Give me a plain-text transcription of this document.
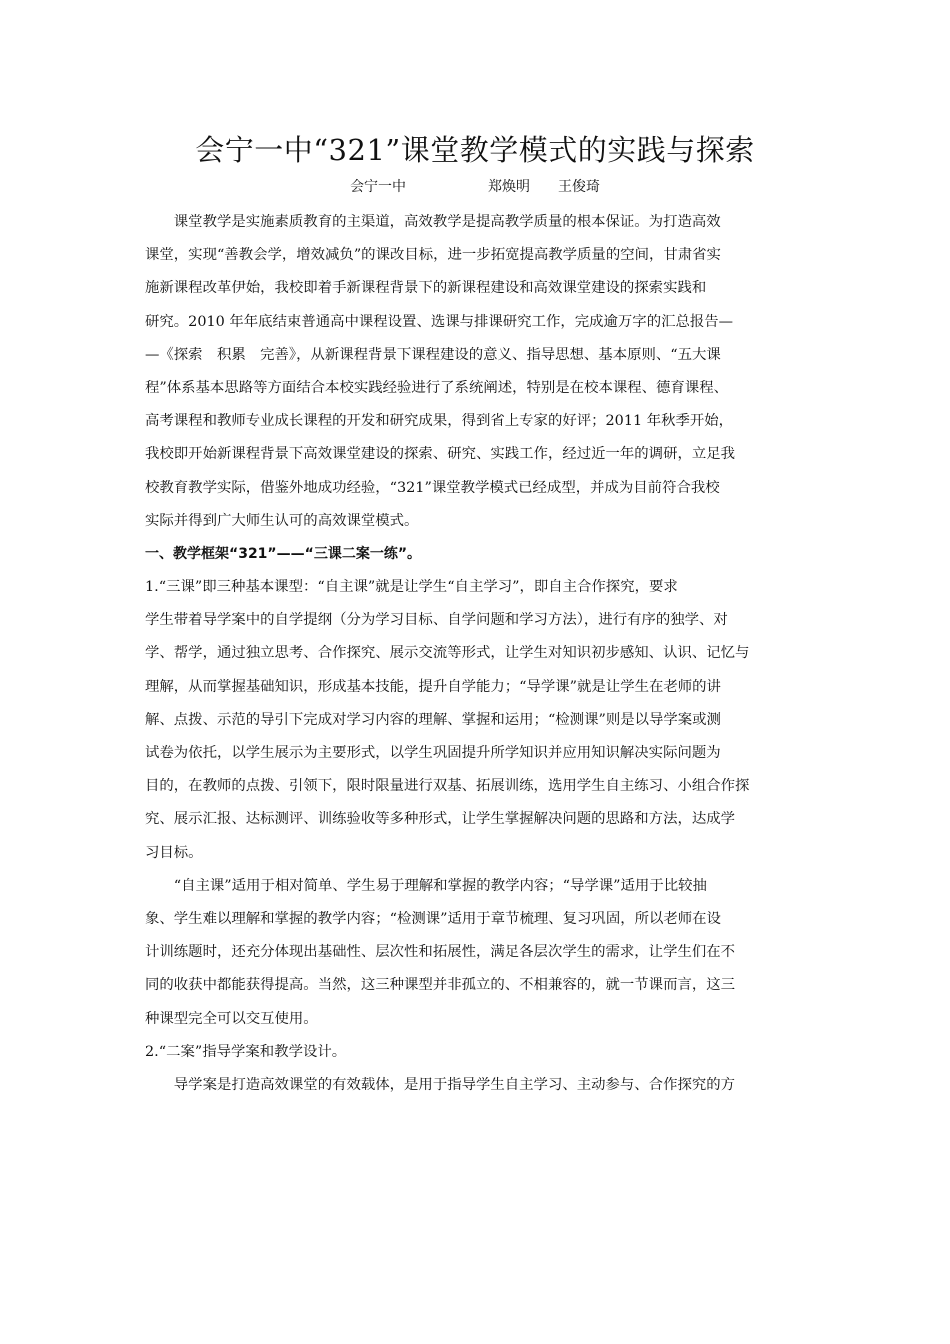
会宁一中“321”课堂教学模式的实践与探索
会宁一中	郑焕明 王俊琦
　　课堂教学是实施素质教育的主渠道，高效教学是提高教学质量的根本保证。为打造高效
课堂，实现“善教会学，增效减负”的课改目标，进一步拓宽提高教学质量的空间，甘肃省实
施新课程改革伊始，我校即着手新课程背景下的新课程建设和高效课堂建设的探索实践和
研究。2010 年年底结束普通高中课程设置、选课与排课研究工作，完成逾万字的汇总报告—
—《探索　积累　完善》，从新课程背景下课程建设的意义、指导思想、基本原则、“五大课
程”体系基本思路等方面结合本校实践经验进行了系统阐述，特别是在校本课程、德育课程、
高考课程和教师专业成长课程的开发和研究成果，得到省上专家的好评；2011 年秋季开始，
我校即开始新课程背景下高效课堂建设的探索、研究、实践工作，经过近一年的调研，立足我
校教育教学实际，借鉴外地成功经验，“321”课堂教学模式已经成型，并成为目前符合我校
实际并得到广大师生认可的高效课堂模式。
一、教学框架“321”——“三课二案一练”。
1.“三课”即三种基本课型：“自主课”就是让学生“自主学习”，即自主合作探究，要求
学生带着导学案中的自学提纲（分为学习目标、自学问题和学习方法），进行有序的独学、对
学、帮学，通过独立思考、合作探究、展示交流等形式，让学生对知识初步感知、认识、记忆与
理解，从而掌握基础知识，形成基本技能，提升自学能力；“导学课”就是让学生在老师的讲
解、点拨、示范的导引下完成对学习内容的理解、掌握和运用；“检测课”则是以导学案或测
试卷为依托，以学生展示为主要形式，以学生巩固提升所学知识并应用知识解决实际问题为
目的，在教师的点拨、引领下，限时限量进行双基、拓展训练，选用学生自主练习、小组合作探
究、展示汇报、达标测评、训练验收等多种形式，让学生掌握解决问题的思路和方法，达成学
习目标。
　　“自主课”适用于相对简单、学生易于理解和掌握的教学内容；“导学课”适用于比较抽
象、学生难以理解和掌握的教学内容；“检测课”适用于章节梳理、复习巩固，所以老师在设
计训练题时，还充分体现出基础性、层次性和拓展性，满足各层次学生的需求，让学生们在不
同的收获中都能获得提高。当然，这三种课型并非孤立的、不相兼容的，就一节课而言，这三
种课型完全可以交互使用。
2.“二案”指导学案和教学设计。
　　导学案是打造高效课堂的有效载体，是用于指导学生自主学习、主动参与、合作探究的方
